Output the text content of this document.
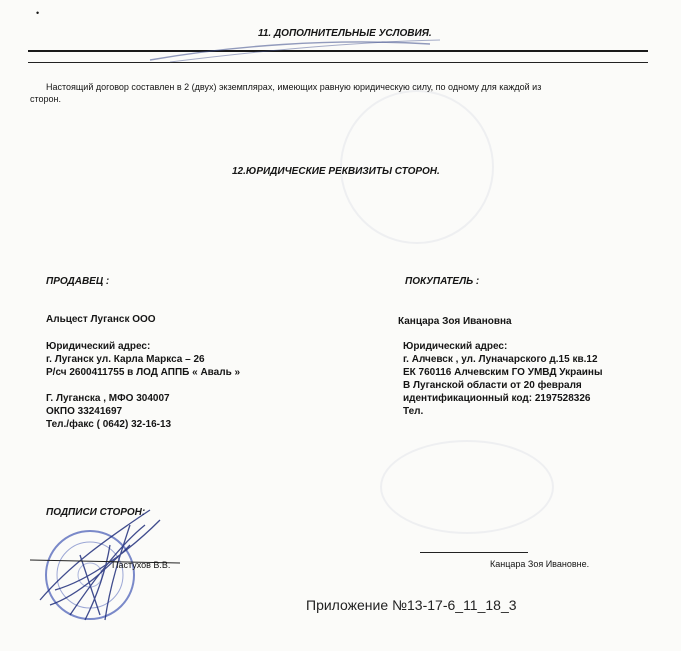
•
11. ДОПОЛНИТЕЛЬНЫЕ УСЛОВИЯ.
Настоящий договор составлен в 2 (двух) экземплярах, имеющих равную юридическую силу, по одному для каждой из
сторон.
12.ЮРИДИЧЕСКИЕ РЕКВИЗИТЫ СТОРОН.
ПРОДАВЕЦ :
Альцест Луганск ООО
Юридический адрес:
г. Луганск ул. Карла Маркса – 26
Р/сч 2600411755 в ЛОД АППБ « Аваль »
Г. Луганска , МФО 304007
ОКПО 33241697
Тел./факс ( 0642) 32-16-13
ПОКУПАТЕЛЬ :
Канцара Зоя Ивановна
Юридический адрес:
г. Алчевск , ул. Луначарского д.15 кв.12
ЕК 760116 Алчевским ГО УМВД Украины
В Луганской области от 20 февраля
идентификационный код: 2197528326
Тел.
ПОДПИСИ СТОРОН:
Пастухов В.В.	Канцара Зоя Ивановне.
Приложение №13-17-6_11_18_3
